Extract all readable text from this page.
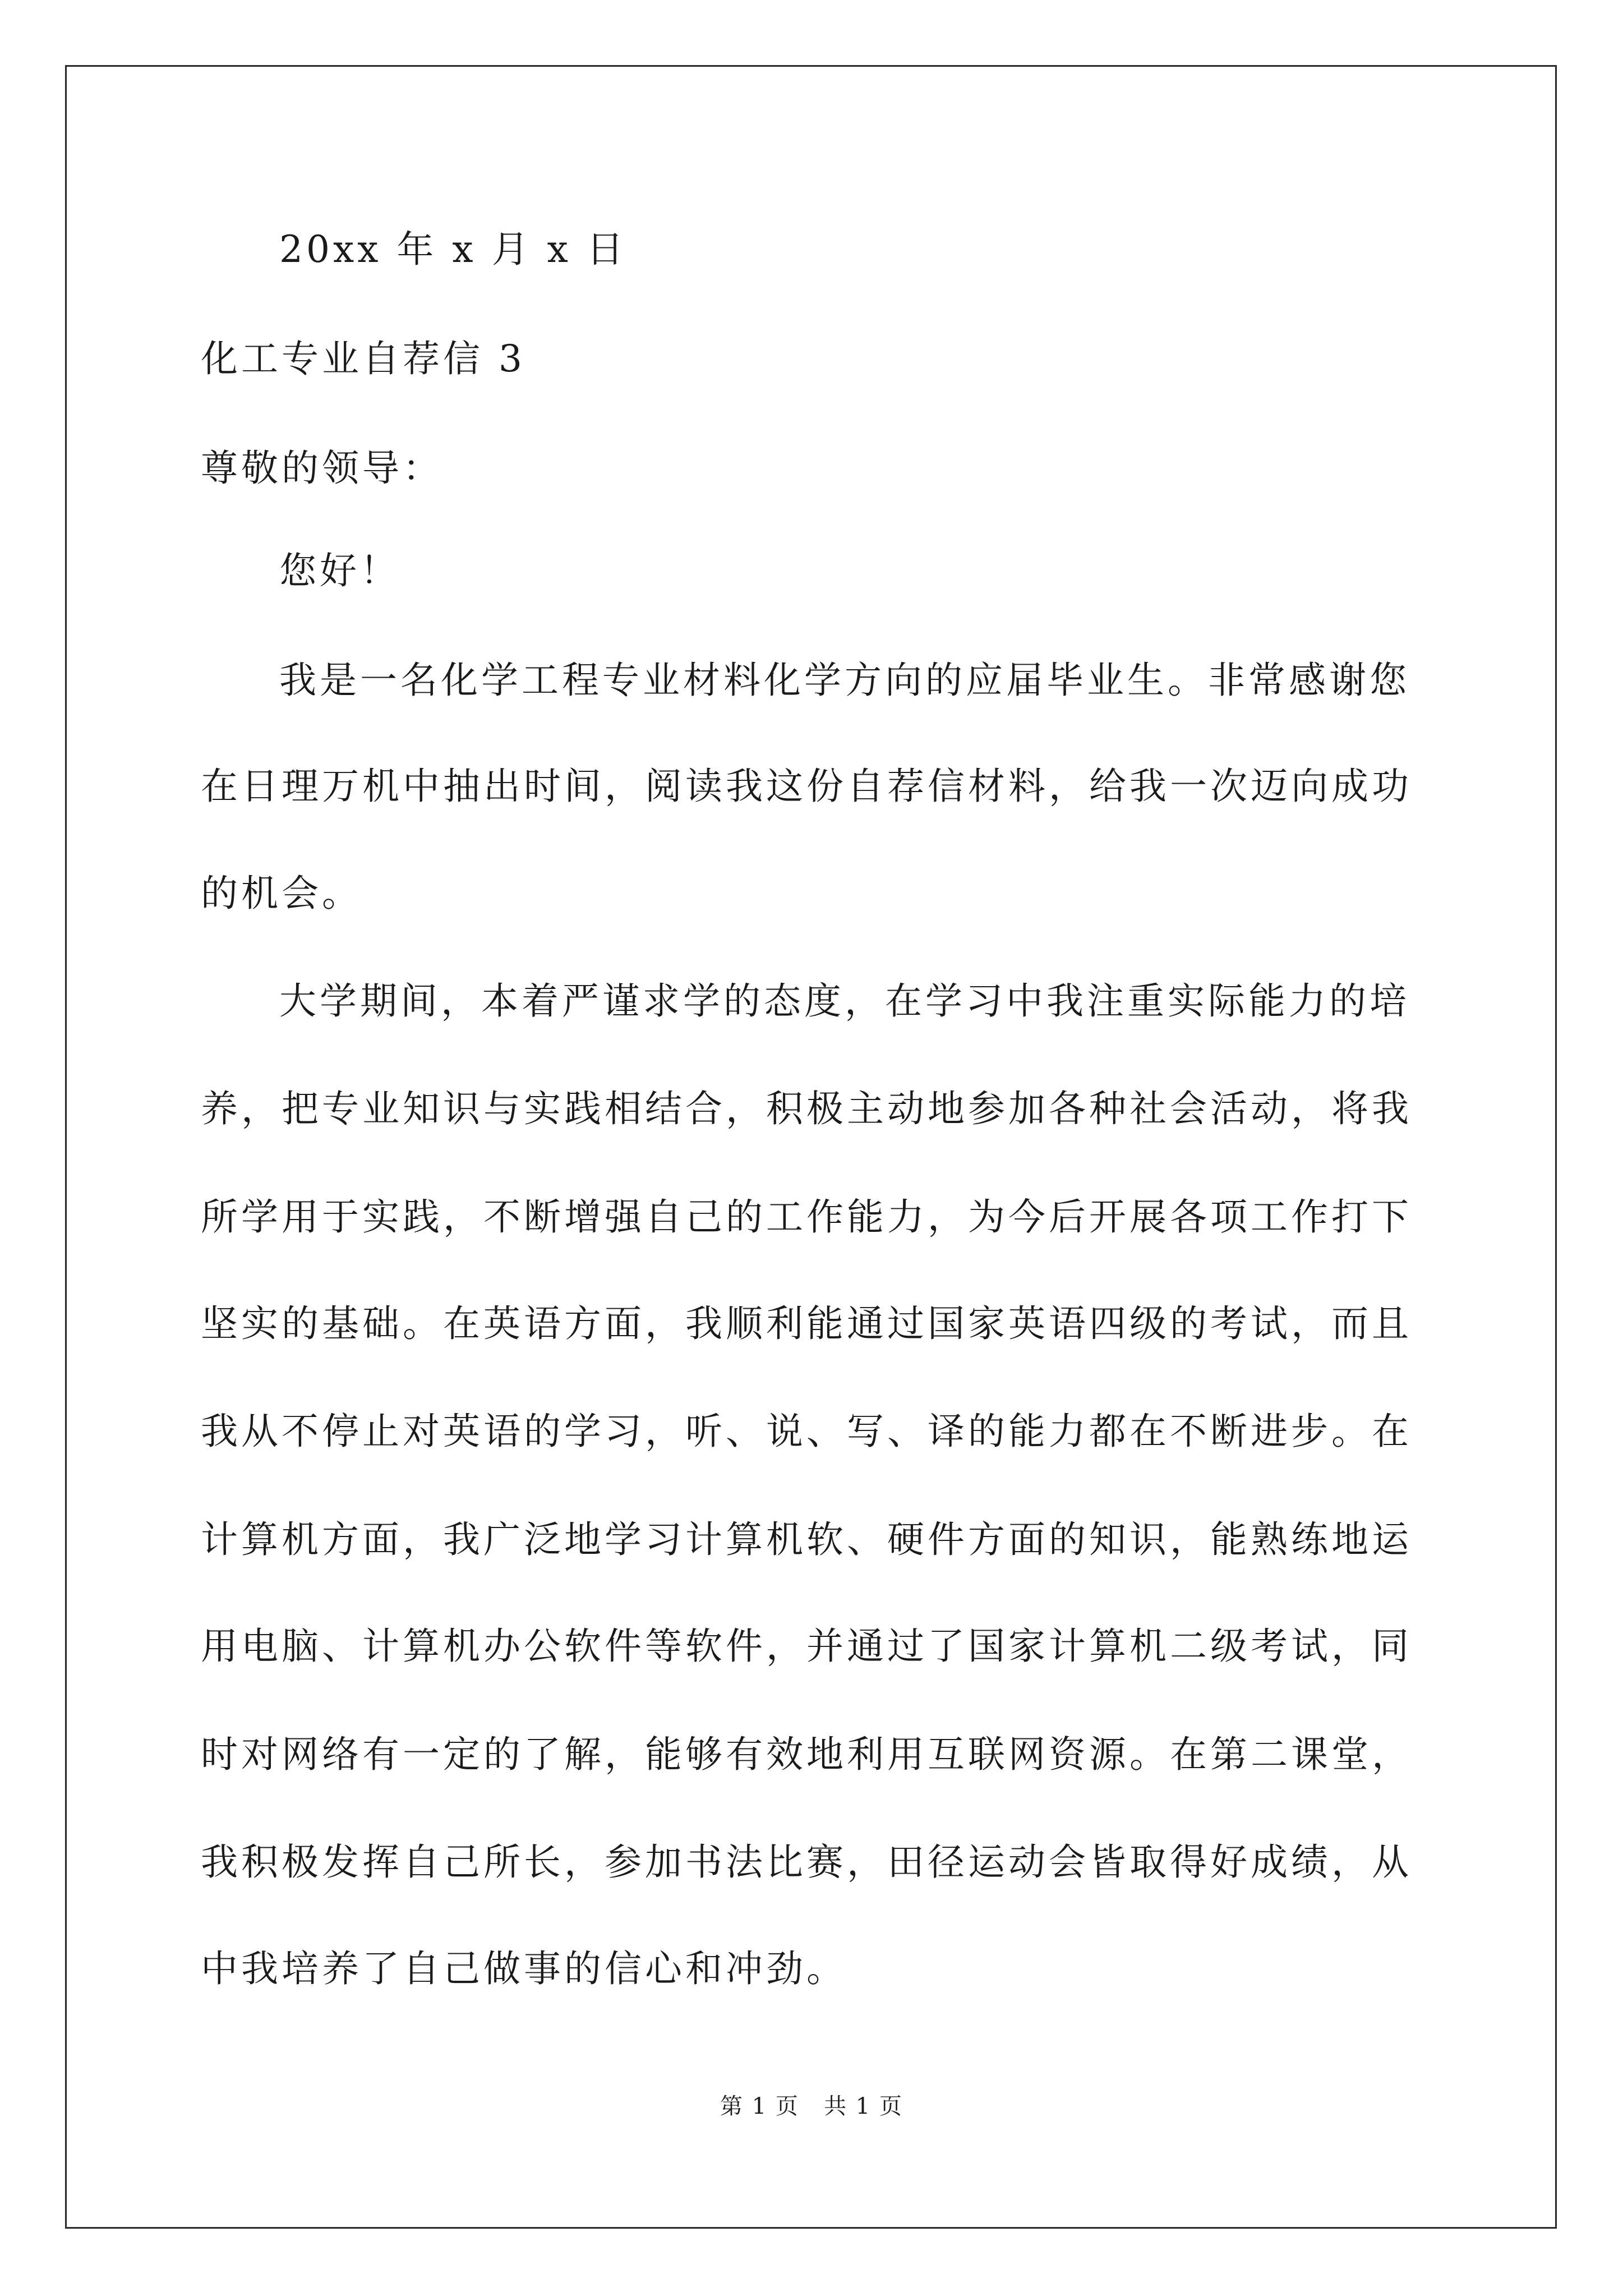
20xx 年 x 月 x 日
化工专业自荐信 3
尊敬的领导：
您好！
我是一名化学工程专业材料化学方向的应届毕业生。非常感谢您
在日理万机中抽出时间，阅读我这份自荐信材料，给我一次迈向成功
的机会。
大学期间，本着严谨求学的态度，在学习中我注重实际能力的培
养，把专业知识与实践相结合，积极主动地参加各种社会活动，将我
所学用于实践，不断增强自己的工作能力，为今后开展各项工作打下
坚实的基础。在英语方面，我顺利能通过国家英语四级的考试，而且
我从不停止对英语的学习，听、说、写、译的能力都在不断进步。在
计算机方面，我广泛地学习计算机软、硬件方面的知识，能熟练地运
用电脑、计算机办公软件等软件，并通过了国家计算机二级考试，同
时对网络有一定的了解，能够有效地利用互联网资源。在第二课堂，
我积极发挥自己所长，参加书法比赛，田径运动会皆取得好成绩，从
中我培养了自己做事的信心和冲劲。
第 1 页   共 1 页
